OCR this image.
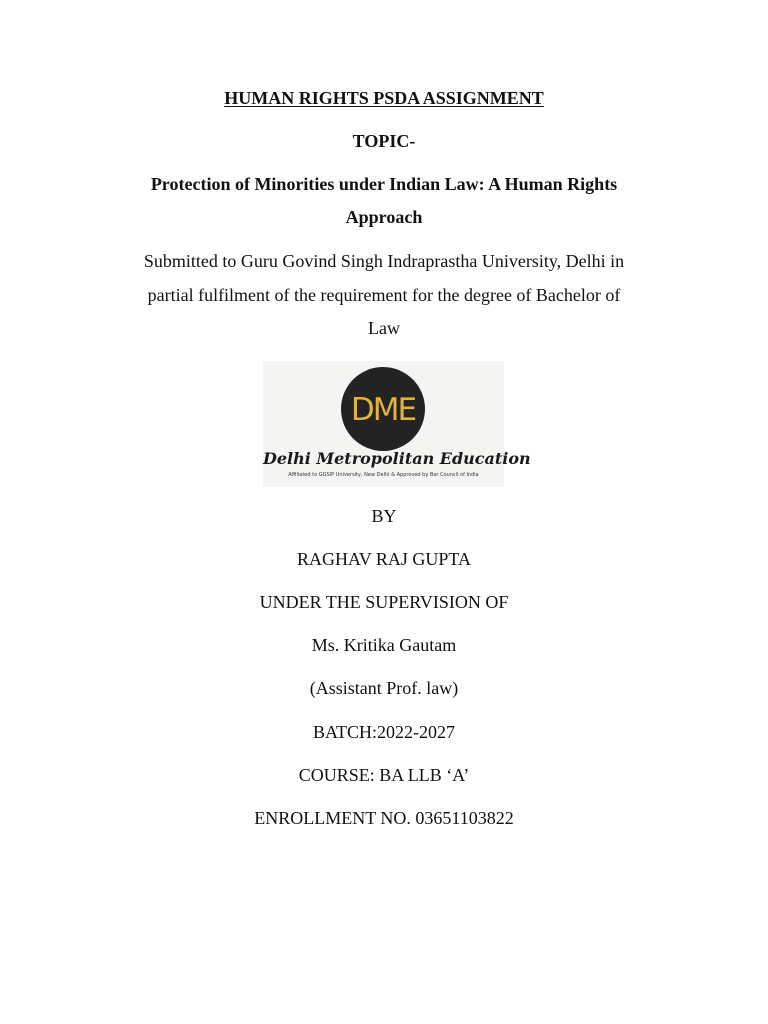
HUMAN RIGHTS PSDA ASSIGNMENT
TOPIC-
Protection of Minorities under Indian Law: A Human Rights
Approach
Submitted to Guru Govind Singh Indraprastha University, Delhi in
partial fulfilment of the requirement for the degree of Bachelor of
Law
DME
Delhi Metropolitan Education
Affiliated to GGSIP University, New Delhi & Approved by Bar Council of India
BY
RAGHAV RAJ GUPTA
UNDER THE SUPERVISION OF
Ms. Kritika Gautam
(Assistant Prof. law)
BATCH:2022-2027
COURSE: BA LLB ‘A’
ENROLLMENT NO. 03651103822
